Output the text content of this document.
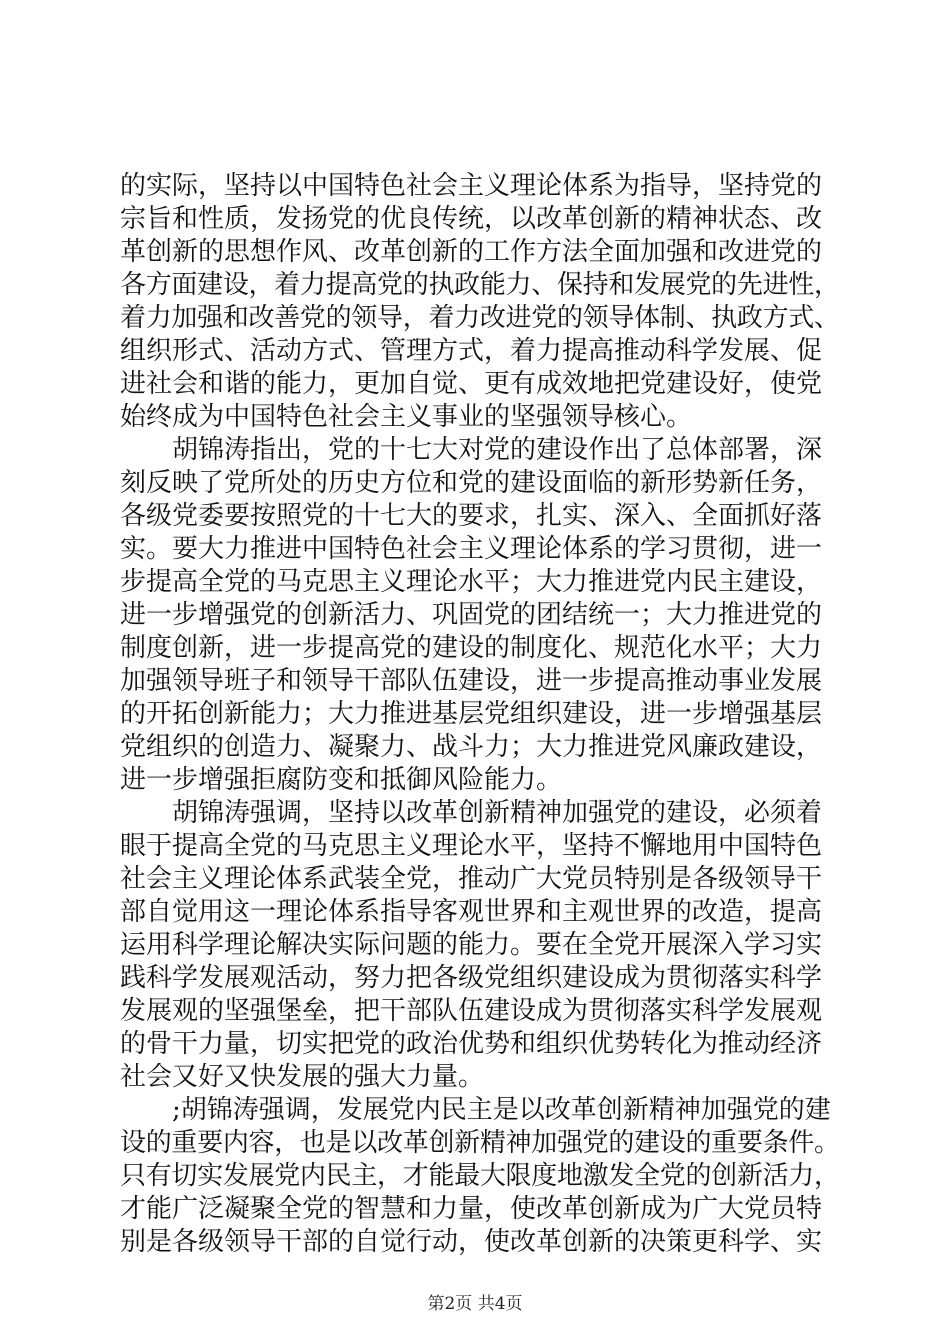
的实际，坚持以中国特色社会主义理论体系为指导，坚持党的
宗旨和性质，发扬党的优良传统，以改革创新的精神状态、改
革创新的思想作风、改革创新的工作方法全面加强和改进党的
各方面建设，着力提高党的执政能力、保持和发展党的先进性，
着力加强和改善党的领导，着力改进党的领导体制、执政方式、
组织形式、活动方式、管理方式，着力提高推动科学发展、促
进社会和谐的能力，更加自觉、更有成效地把党建设好，使党
始终成为中国特色社会主义事业的坚强领导核心。
　　胡锦涛指出，党的十七大对党的建设作出了总体部署，深
刻反映了党所处的历史方位和党的建设面临的新形势新任务，
各级党委要按照党的十七大的要求，扎实、深入、全面抓好落
实。要大力推进中国特色社会主义理论体系的学习贯彻，进一
步提高全党的马克思主义理论水平；大力推进党内民主建设，
进一步增强党的创新活力、巩固党的团结统一；大力推进党的
制度创新，进一步提高党的建设的制度化、规范化水平；大力
加强领导班子和领导干部队伍建设，进一步提高推动事业发展
的开拓创新能力；大力推进基层党组织建设，进一步增强基层
党组织的创造力、凝聚力、战斗力；大力推进党风廉政建设，
进一步增强拒腐防变和抵御风险能力。
　　胡锦涛强调，坚持以改革创新精神加强党的建设，必须着
眼于提高全党的马克思主义理论水平，坚持不懈地用中国特色
社会主义理论体系武装全党，推动广大党员特别是各级领导干
部自觉用这一理论体系指导客观世界和主观世界的改造，提高
运用科学理论解决实际问题的能力。要在全党开展深入学习实
践科学发展观活动，努力把各级党组织建设成为贯彻落实科学
发展观的坚强堡垒，把干部队伍建设成为贯彻落实科学发展观
的骨干力量，切实把党的政治优势和组织优势转化为推动经济
社会又好又快发展的强大力量。
　　;胡锦涛强调，发展党内民主是以改革创新精神加强党的建
设的重要内容，也是以改革创新精神加强党的建设的重要条件。
只有切实发展党内民主，才能最大限度地激发全党的创新活力，
才能广泛凝聚全党的智慧和力量，使改革创新成为广大党员特
别是各级领导干部的自觉行动，使改革创新的决策更科学、实
第2页 共4页
